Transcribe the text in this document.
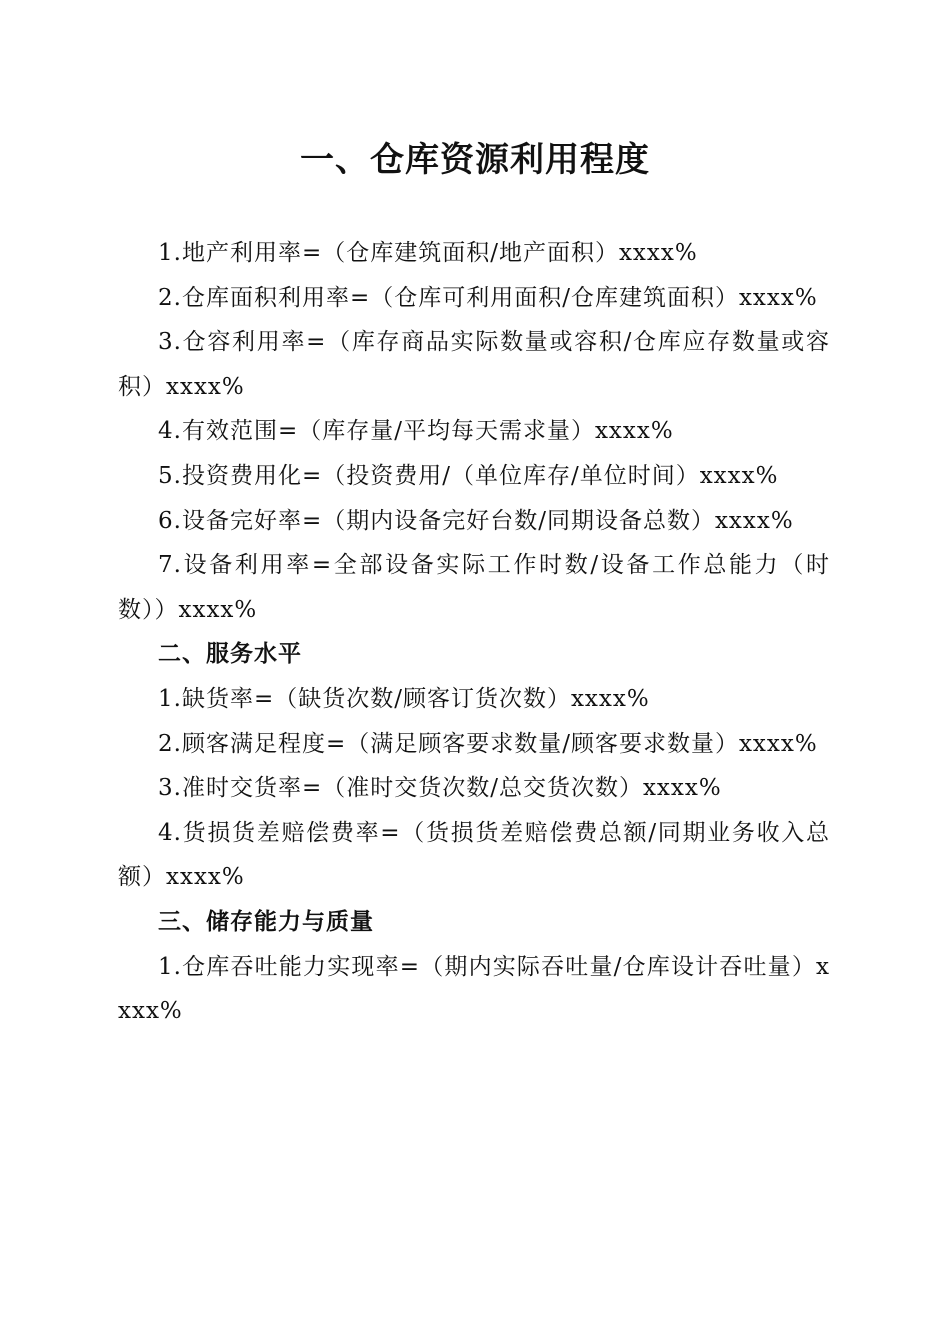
一、仓库资源利用程度

1.地产利用率=（仓库建筑面积/地产面积）xxxx%

2.仓库面积利用率=（仓库可利用面积/仓库建筑面积）xxxx%

3.仓容利用率=（库存商品实际数量或容积/仓库应存数量或容积）xxxx%

4.有效范围=（库存量/平均每天需求量）xxxx%

5.投资费用化=（投资费用/（单位库存/单位时间）xxxx%

6.设备完好率=（期内设备完好台数/同期设备总数）xxxx%

7.设备利用率=全部设备实际工作时数/设备工作总能力（时数））xxxx%

二、服务水平

1.缺货率=（缺货次数/顾客订货次数）xxxx%

2.顾客满足程度=（满足顾客要求数量/顾客要求数量）xxxx%

3.准时交货率=（准时交货次数/总交货次数）xxxx%

4.货损货差赔偿费率=（货损货差赔偿费总额/同期业务收入总额）xxxx%

三、储存能力与质量

1.仓库吞吐能力实现率=（期内实际吞吐量/仓库设计吞吐量）xxxx%
